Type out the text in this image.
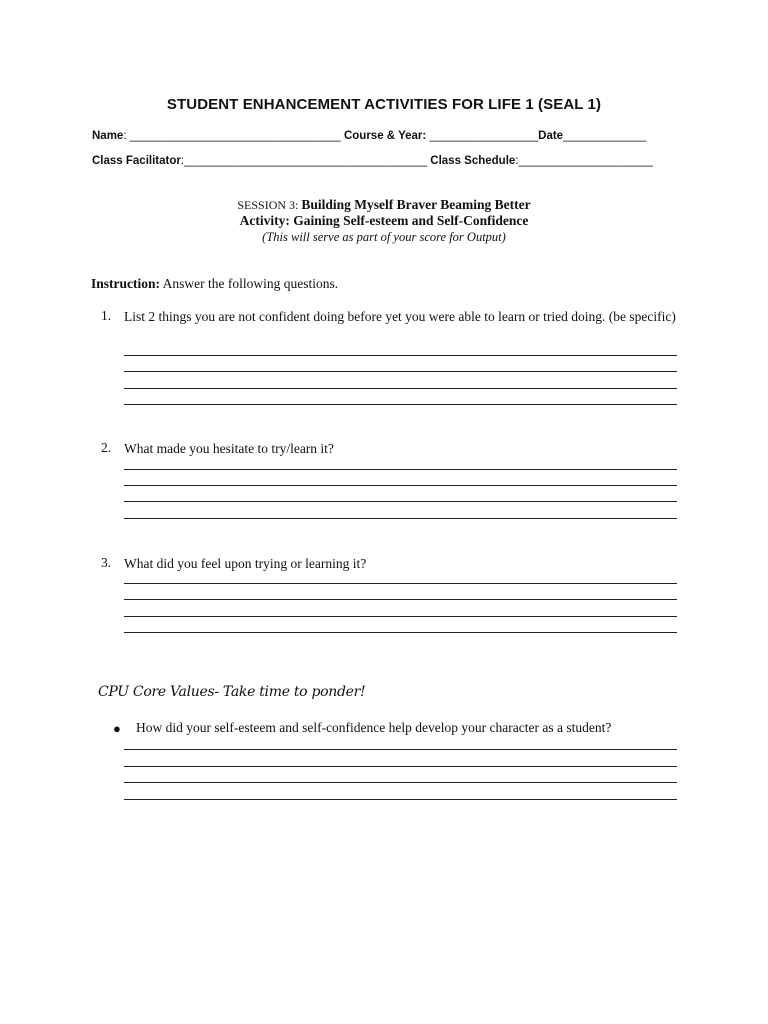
STUDENT ENHANCEMENT ACTIVITIES FOR LIFE 1 (SEAL 1)
Name: _________________________________ Course & Year: _________________Date_____________
Class Facilitator:______________________________________ Class Schedule:_____________________
SESSION 3: Building Myself Braver Beaming Better
Activity: Gaining Self-esteem and Self-Confidence
(This will serve as part of your score for Output)
Instruction: Answer the following questions.
1. List 2 things you are not confident doing before yet you were able to learn or tried doing. (be specific)
2. What made you hesitate to try/learn it?
3. What did you feel upon trying or learning it?
CPU Core Values- Take time to ponder!
● How did your self-esteem and self-confidence help develop your character as a student?
